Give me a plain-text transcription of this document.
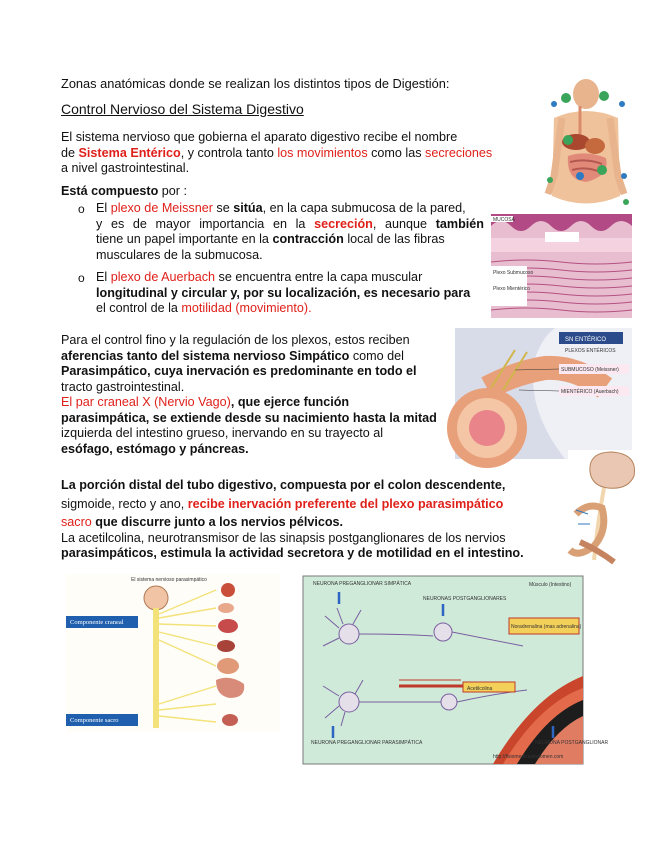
Zonas anatómicas donde se realizan los distintos tipos de Digestión:
Control Nervioso del Sistema Digestivo

El sistema nervioso que gobierna el aparato digestivo recibe el nombre

de Sistema Entérico, y controla tanto los movimientos como las secreciones

a nivel gastrointestinal.

Está compuesto por :
o El plexo de Meissner se sitúa, en la capa submucosa de la pared,

y es de mayor importancia en la secreción, aunque también

tiene un papel importante en la contracción local de las fibras

musculares de la submucosa.

o El plexo de Auerbach se encuentra entre la capa muscular

longitudinal y circular y, por su localización, es necesario para

el control de la motilidad (movimiento).

Para el control fino y la regulación de los plexos, estos reciben

aferencias tanto del sistema nervioso Simpático como del

Parasimpático, cuya inervación es predominante en todo el

tracto gastrointestinal.

El par craneal X (Nervio Vago), que ejerce función

parasimpática, se extiende desde su nacimiento hasta la mitad

izquierda del intestino grueso, inervando en su trayecto al

esófago, estómago y páncreas.

La porción distal del tubo digestivo, compuesta por el colon descendente,

sigmoide, recto y ano, recibe inervación preferente del plexo parasimpático

sacro que discurre junto a los nervios pélvicos.

La acetilcolina, neurotransmisor de las sinapsis postganglionares de los nervios

parasimpáticos, estimula la actividad secretora y de motilidad en el intestino.

MUCOSA
Plexo Submucoso
Plexo Mientérico
SN ENTÉRICO
PLEXOS ENTÉRICOS
SUBMUCOSO (Meissner)
MIENTÉRICO (Auerbach)
El sistema nervioso parasimpático
Componente craneal
Componente sacro
NEURONA PREGANGLIONAR SIMPÁTICA
NEURONAS POSTGANGLIONARES
Músculo (Intestino)
Noradrenalina (mas adrenalina)
Acetilcolina
NEURONA PREGANGLIONAR PARASIMPÁTICA	NEURONA POSTGANGLIONAR
http://fisiomedicalabdomen.com
